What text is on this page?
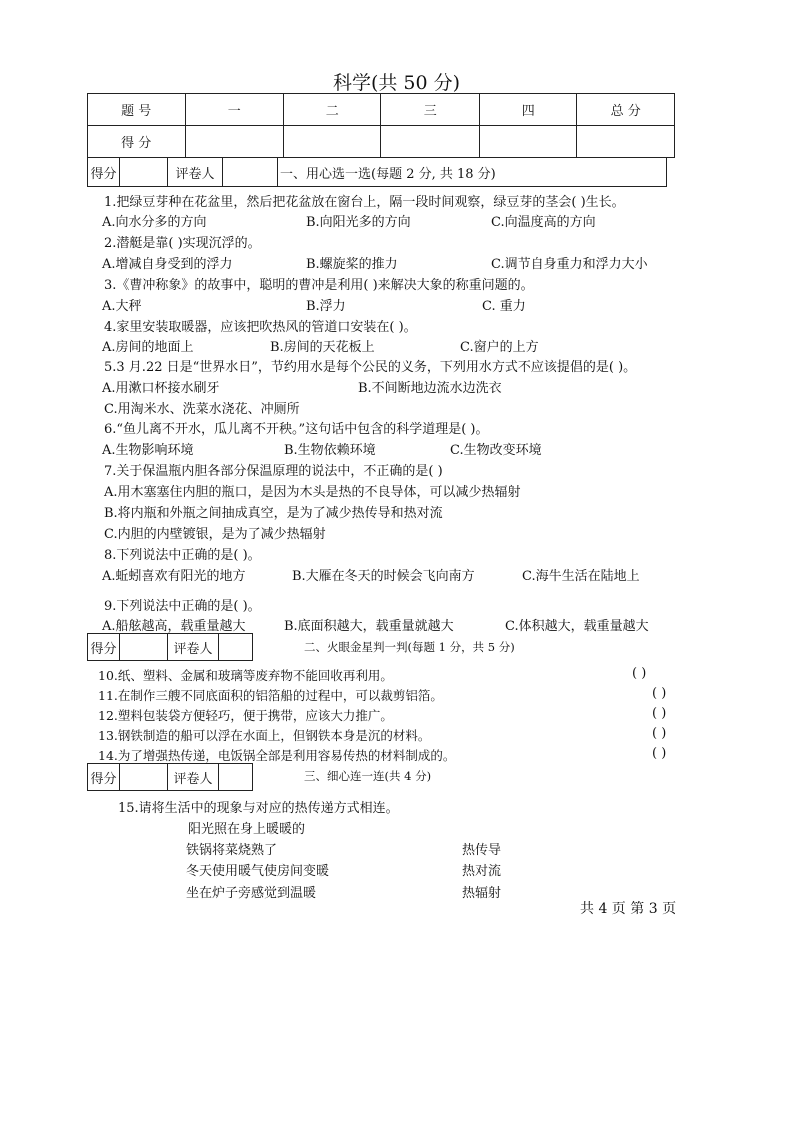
科学(共 50 分)
题 号	一	二	三	四	总 分
得 分					
得分		评卷人		一、用心选一选(每题 2 分, 共 18 分)
1.把绿豆芽种在花盆里，然后把花盆放在窗台上，隔一段时间观察，绿豆芽的茎会( )生长。
A.向水分多的方向	B.向阳光多的方向	C.向温度高的方向
2.潜艇是靠( )实现沉浮的。
A.增减自身受到的浮力	B.螺旋桨的推力	C.调节自身重力和浮力大小
3.《曹冲称象》的故事中，聪明的曹冲是利用( )来解决大象的称重问题的。
A.大秤	B.浮力	C. 重力
4.家里安装取暖器，应该把吹热风的管道口安装在( )。
A.房间的地面上	B.房间的天花板上	C.窗户的上方
5.3 月.22 日是“世界水日”，节约用水是每个公民的义务，下列用水方式不应该提倡的是( )。
A.用漱口杯接水刷牙	B.不间断地边流水边洗衣
C.用淘米水、洗菜水浇花、冲厕所
6.“鱼儿离不开水，瓜儿离不开秧。”这句话中包含的科学道理是( )。
A.生物影响环境	B.生物依赖环境	C.生物改变环境
7.关于保温瓶内胆各部分保温原理的说法中，不正确的是( )
A.用木塞塞住内胆的瓶口，是因为木头是热的不良导体，可以减少热辐射
B.将内瓶和外瓶之间抽成真空，是为了减少热传导和热对流
C.内胆的内壁镀银，是为了减少热辐射
8.下列说法中正确的是( )。
A.蚯蚓喜欢有阳光的地方	B.大雁在冬天的时候会飞向南方	C.海牛生活在陆地上
9.下列说法中正确的是( )。
A.船舷越高，载重量越大	B.底面积越大，载重量就越大	C.体积越大，载重量越大
得分		评卷人		二、火眼金星判一判(每题 1 分，共 5 分)
10.纸、塑料、金属和玻璃等废弃物不能回收再利用。	( )
11.在制作三艘不同底面积的铝箔船的过程中，可以裁剪铝箔。	( )
12.塑料包装袋方便轻巧，便于携带，应该大力推广。	( )
13.钢铁制造的船可以浮在水面上，但钢铁本身是沉的材料。	( )
14.为了增强热传递，电饭锅全部是利用容易传热的材料制成的。	( )
得分		评卷人		三、细心连一连(共 4 分)
15.请将生活中的现象与对应的热传递方式相连。
阳光照在身上暖暖的
铁锅将菜烧熟了
冬天使用暖气使房间变暖
坐在炉子旁感觉到温暖
热传导
热对流
热辐射
共 4 页 第 3 页
